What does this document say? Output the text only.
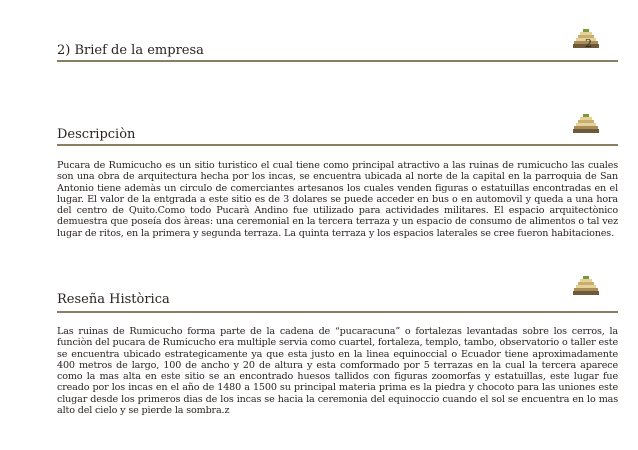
2
2) Brief de la empresa
Descripciòn
Pucara de Rumicucho es un sitio turistico el cual tiene como principal atractivo a las ruinas de rumicucho las cuales son una obra de arquitectura hecha por los incas, se encuentra ubicada al norte de la capital en la parroquia de San Antonio tiene ademàs un circulo de comerciantes artesanos los cuales venden figuras o estatuillas encontradas en el lugar. El valor de la entgrada a este sitio es de 3 dolares se puede acceder en bus o en automovil y queda a una hora del centro de Quito.Como todo Pucarà Andino fue utilizado para actividades militares. El espacio arquitectònico demuestra que poseía dos àreas: una ceremonial en la tercera terraza y un espacio de consumo de alimentos o tal vez lugar de ritos, en la primera y segunda terraza. La quinta terraza y los espacios laterales se cree fueron habitaciones.
Reseña Històrica
Las ruinas de Rumicucho forma parte de la cadena de “pucaracuna” o fortalezas levantadas sobre los cerros, la funciòn del pucara de Rumicucho era multiple servia como cuartel, fortaleza, templo, tambo, observatorio o taller este se encuentra ubicado estrategicamente ya que esta justo en la linea equinoccial o Ecuador tiene aproximadamente 400 metros de largo, 100 de ancho y 20 de altura y esta comformado por 5 terrazas en la cual la tercera aparece como la mas alta en este sitio se an encontrado huesos tallidos con figuras zoomorfas y estatuillas, este lugar fue creado por los incas en el año de 1480 a 1500 su principal materia prima es la piedra y chocoto para las uniones este clugar desde los primeros dias de los incas se hacia la ceremonia del equinoccio cuando el sol se encuentra en lo mas alto del cielo y se pierde la sombra.z
